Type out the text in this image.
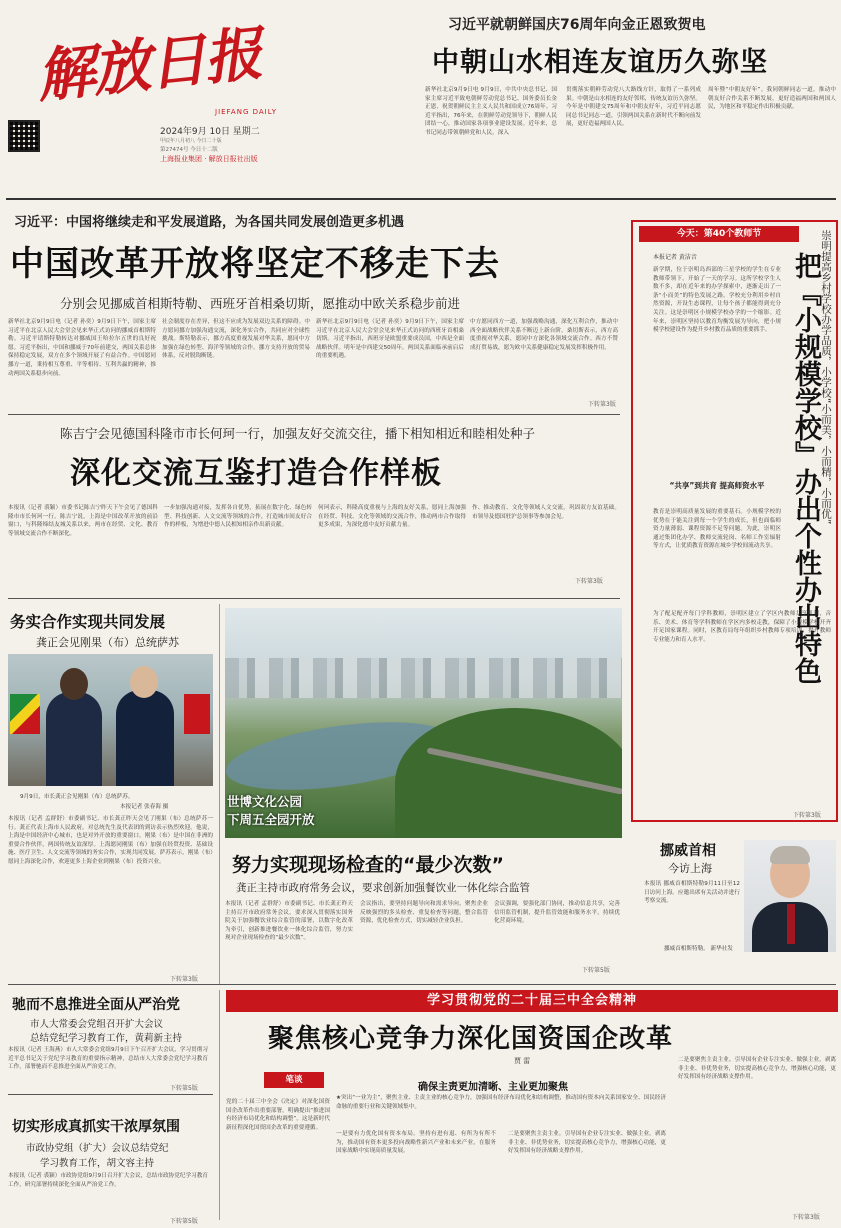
解放日报
JIEFANG DAILY
2024年9月 10日 星期二
甲辰年八月初八 今日二十版
第27474号 今日十二版
上海报业集团 · 解放日报社出版
习近平就朝鲜国庆76周年向金正恩致贺电
中朝山水相连友谊历久弥坚
新华社北京9月9日电 9月9日，中共中央总书记、国家主席习近平致电朝鲜劳动党总书记、国务委员长金正恩，祝贺朝鲜民主主义人民共和国成立76周年。习近平指出，76年来，在朝鲜劳动党领导下，朝鲜人民团结一心，推动国家各项事业建设发展。近年来，总书记同志带领朝鲜党和人民，深入
贯彻落实朝鲜劳动党八大路线方针，取得了一系列成果。中朝是山水相连的友好邻邦，传统友谊历久弥坚。今年是中朝建交75周年和中朝友好年，习近平同志愿同总书记同志一道，引领两国关系在新时代不断向前发展，更好造福两国人民。
周年暨“中朝友好年”。我同朝鲜同志一道，推动中朝友好合作关系不断发展，更好造福两国和两国人民，为地区和平稳定作出积极贡献。
习近平：中国将继续走和平发展道路，为各国共同发展创造更多机遇
中国改革开放将坚定不移走下去
分别会见挪威首相斯特勒、西班牙首相桑切斯，愿推动中欧关系稳步前进
新华社北京9月9日电（记者 孙奕）9月9日下午，国家主席习近平在北京人民大会堂会见来华正式访问的挪威首相斯特勒。习近平请斯特勒转达对挪威国王哈拉尔五世的良好祝愿。习近平指出，中国和挪威于70年前建交，两国关系总体保持稳定发展，双方在多个领域开展了有益合作。中国愿同挪方一道，秉持相互尊重、平等相待、互利共赢的精神，推动两国关系稳步向前。
社会制度存在差异，但这不应成为发展双边关系的障碍。中方愿同挪方加强沟通交流，深化务实合作，共同应对全球性挑战。斯特勒表示，挪方高度重视发展对华关系，愿同中方加强在绿色转型、海洋等领域的合作。挪方支持开放的贸易体系，反对脱钩断链。
新华社北京9月9日电（记者 孙奕）9月9日下午，国家主席习近平在北京人民大会堂会见来华正式访问的西班牙首相桑切斯。习近平指出，西班牙是欧盟重要成员国，中西是全面战略伙伴。明年是中西建交50周年，两国关系面临承前启后的重要机遇。
中方愿同西方一道，加强战略沟通，深化互利合作，推动中西全面战略伙伴关系不断迈上新台阶。桑切斯表示，西方高度重视对华关系，愿同中方深化各领域交流合作。西方不赞成打贸易战，愿为欧中关系健康稳定发展发挥积极作用。
下转第3版
今天：第40个教师节
本报记者 黄洁音	崇明提高乡村学校办学品质，小学校“小而美，小而精，小而优”
把『小规模学校』办出个性办出特色
新学期，位于崇明岛西部的三星学校的学生在专业教师带领下，开始了一天的学习。这所学校学生人数不多，却在近年来的办学探索中，逐渐走出了一条“小而美”的特色发展之路。学校充分利用乡村自然资源，开设生态课程，让每个孩子都能得到充分关注。这是崇明区小规模学校办学的一个缩影。近年来，崇明区坚持以教育均衡发展为导向，把小规模学校建设作为提升乡村教育品质的重要抓手。
“共享”到共育 提高师资水平
教育是崇明高质量发展的重要基石。小规模学校的优势在于能关注到每一个学生的成长，但也面临师资力量薄弱、课程资源不足等问题。为此，崇明区通过集团化办学、教师交流轮岗、名师工作室辐射等方式，让优质教育资源在城乡学校间流动共享。
为了配足配齐每门学科教师，崇明区建立了学区内教师共享机制，音乐、美术、体育等学科教师在学区内多校走教，保障了小规模学校开齐开足国家课程。同时，区教育局每年组织乡村教师专项培训，提升教师专业能力和育人水平。
下转第3版
陈吉宁会见德国科隆市市长何珂一行，加强友好交流交往，播下相知相近和睦相处种子
深化交流互鉴打造合作样板
本报讯（记者 裘颖）市委书记陈吉宁昨天下午会见了德国科隆市市长何珂一行。陈吉宁说，上海是中国改革开放的前沿窗口，与科隆缔结友城关系以来，两市在经贸、文化、教育等领域交流合作不断深化。
一步加强沟通对接，发挥各自优势，拓展在数字化、绿色转型、科技创新、人文交流等领域的合作，打造城市间友好合作的样板，为增进中德人民相知相亲作出新贡献。
何珂表示，科隆高度重视与上海的友好关系，愿同上海加强在经贸、科技、文化等领域的交流合作，推动两市合作取得更多成果，为深化德中友好贡献力量。
作、推动教育、文化等领域人文交流，巩固双方友谊基础。市领导及德国驻沪总领事等参加会见。
下转第3版
务实合作实现共同发展
龚正会见刚果（布）总统萨苏
9月9日，市长龚正会见刚果（布）总统萨苏。
本报记者 张春海 摄
本报讯（记者 孟群舒）市委副书记、市长龚正昨天会见了刚果（布）总统萨苏一行。龚正代表上海市人民政府，对总统先生及代表团的到访表示热烈欢迎。他说，上海是中国经济中心城市，也是对外开放的重要窗口。刚果（布）是中国在非洲的重要合作伙伴，两国传统友谊深厚。上海愿同刚果（布）加强在经贸投资、基础设施、医疗卫生、人文交流等领域的务实合作，实现共同发展。萨苏表示，刚果（布）愿同上海深化合作，欢迎更多上海企业到刚果（布）投资兴业。
下转第3版
世博文化公园
下周五全园开放
努力实现现场检查的“最少次数”
龚正主持市政府常务会议，要求创新加强餐饮业一体化综合监管
本报讯（记者 孟群舒）市委副书记、市长龚正昨天主持召开市政府常务会议，要求深入贯彻落实国务院关于加强餐饮业综合监管的部署，以数字化改革为牵引，创新推进餐饮业一体化综合监管，努力实现对企业现场检查的“最少次数”。
会议指出，要坚持问题导向和需求导向，聚焦企业反映强烈的多头检查、重复检查等问题，整合监管资源，优化检查方式，切实减轻企业负担。
会议强调，要强化部门协同，推动信息共享，完善信用监管机制，提升监管效能和服务水平，持续优化营商环境。
下转第5版
挪威首相
今访上海
本报讯 挪威首相斯特勒9月11日至12日访问上海。应邀出席有关活动并进行考察交流。
挪威首相斯特勒。 新华社发
驰而不息推进全面从严治党
市人大常委会党组召开扩大会议
总结党纪学习教育工作，黄莉新主持
本报讯（记者 王海燕）市人大常委会党组9月9日下午召开扩大会议，学习贯彻习近平总书记关于党纪学习教育的重要指示精神，总结市人大常委会党纪学习教育工作，部署驰而不息推进全面从严治党工作。
下转第5版
切实形成真抓实干浓厚氛围
市政协党组（扩大）会议总结党纪
学习教育工作，胡文容主持
本报讯（记者 裘颖）市政协党组9月9日召开扩大会议，总结市政协党纪学习教育工作，研究部署持续深化全面从严治党工作。
下转第5版
学习贯彻党的二十届三中全会精神
聚焦核心竞争力深化国资国企改革
贾 雷
笔谈
确保主责更加清晰、主业更加聚焦
★突出“一业为主”，聚焦主业、主责主业的核心竞争力，加强国有经济布局优化和结构调整，推动国有资本向关系国家安全、国民经济命脉的重要行业和关键领域集中。
党的二十届三中全会《决定》对深化国资国企改革作出重要部署，明确提出“推进国有经济布局优化和结构调整”。这是新时代新征程深化国资国企改革的重要遵循。
一是要有力优化国有资本布局。坚持有进有退、有所为有所不为，推动国有资本更多投向战略性新兴产业和未来产业，在服务国家战略中实现高质量发展。
二是要聚焦主责主业。引导国有企业专注实业、做强主业，剥离非主业、非优势业务，切实提高核心竞争力，增强核心功能，更好发挥国有经济战略支撑作用。
二是要聚焦主责主业。引导国有企业专注实业、做强主业，剥离非主业、非优势业务，切实提高核心竞争力，增强核心功能，更好发挥国有经济战略支撑作用。
下转第3版
